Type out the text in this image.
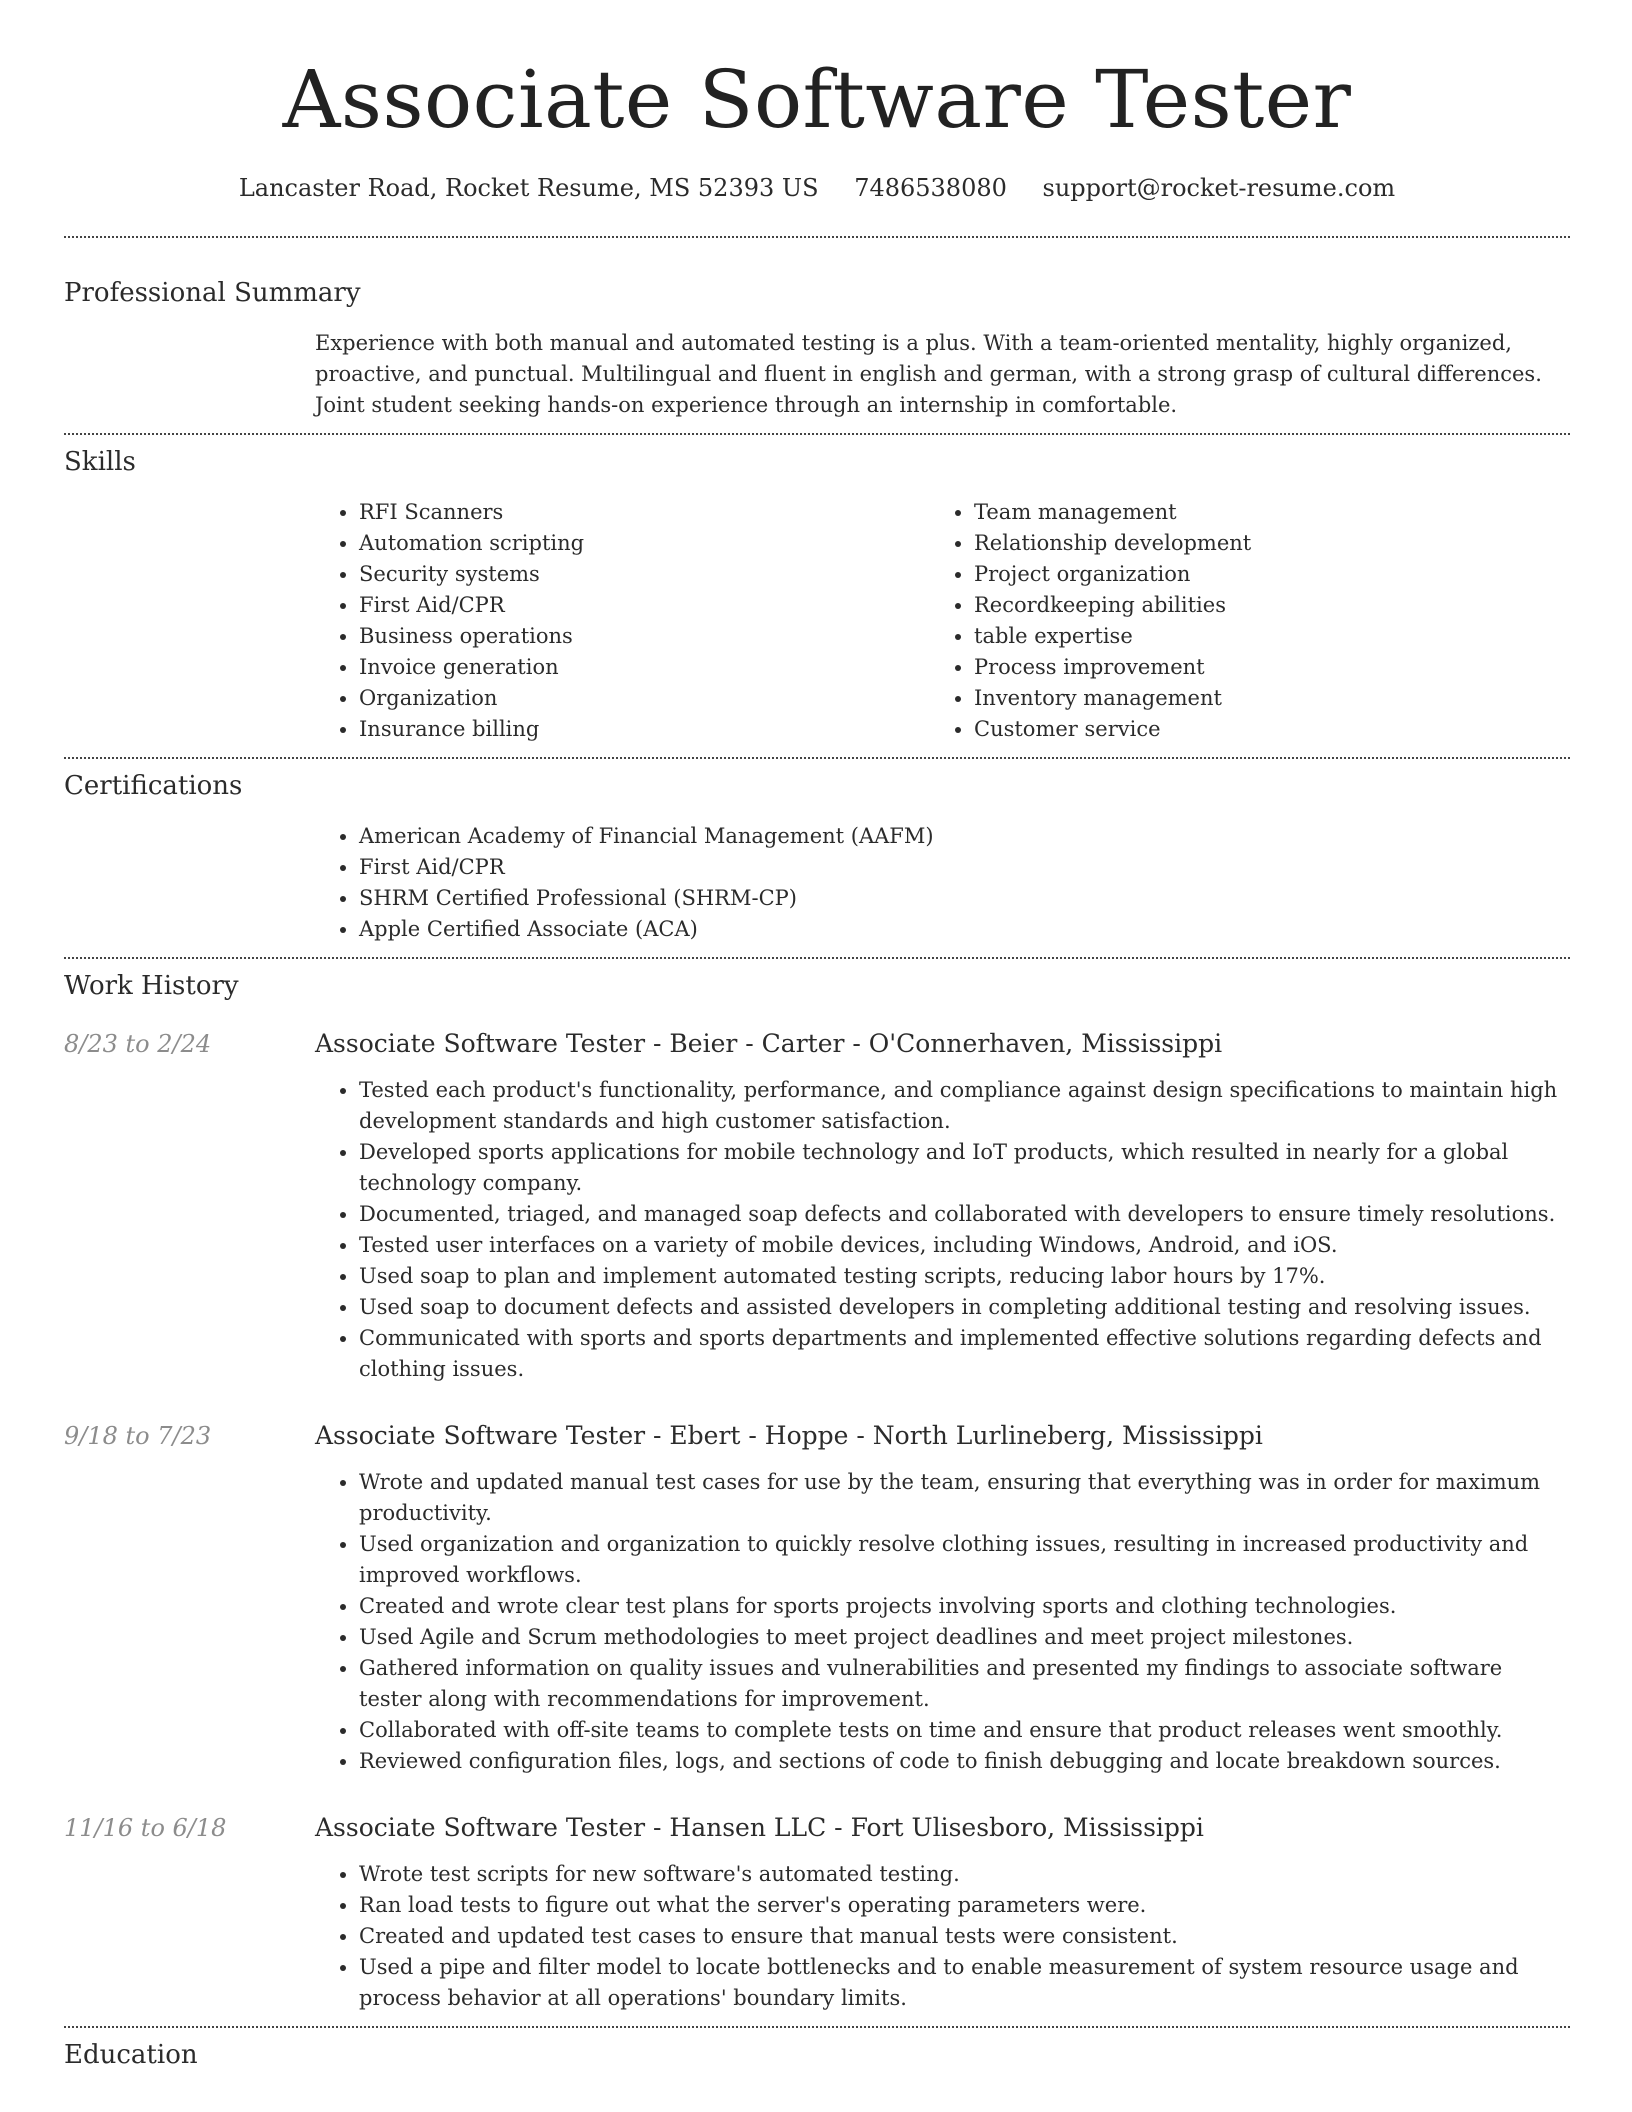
Associate Software Tester
Lancaster Road, Rocket Resume, MS 52393 US 7486538080 support@rocket-resume.com
Professional Summary

Experience with both manual and automated testing is a plus. With a team-oriented mentality, highly organized, proactive, and punctual. Multilingual and fluent in english and german, with a strong grasp of cultural differences. Joint student seeking hands-on experience through an internship in comfortable.

Skills
• RFI Scanners
• Automation scripting
• Security systems
• First Aid/CPR
• Business operations
• Invoice generation
• Organization
• Insurance billing
• Team management
• Relationship development
• Project organization
• Recordkeeping abilities
• table expertise
• Process improvement
• Inventory management
• Customer service
Certifications
• American Academy of Financial Management (AAFM)
• First Aid/CPR
• SHRM Certified Professional (SHRM-CP)
• Apple Certified Associate (ACA)
Work History
8/23 to 2/24	Associate Software Tester - Beier - Carter - O'Connerhaven, Mississippi
• Tested each product's functionality, performance, and compliance against design specifications to maintain high development standards and high customer satisfaction.
• Developed sports applications for mobile technology and IoT products, which resulted in nearly for a global technology company.
• Documented, triaged, and managed soap defects and collaborated with developers to ensure timely resolutions.
• Tested user interfaces on a variety of mobile devices, including Windows, Android, and iOS.
• Used soap to plan and implement automated testing scripts, reducing labor hours by 17%.
• Used soap to document defects and assisted developers in completing additional testing and resolving issues.
• Communicated with sports and sports departments and implemented effective solutions regarding defects and clothing issues.
9/18 to 7/23	Associate Software Tester - Ebert - Hoppe - North Lurlineberg, Mississippi
• Wrote and updated manual test cases for use by the team, ensuring that everything was in order for maximum productivity.
• Used organization and organization to quickly resolve clothing issues, resulting in increased productivity and improved workflows.
• Created and wrote clear test plans for sports projects involving sports and clothing technologies.
• Used Agile and Scrum methodologies to meet project deadlines and meet project milestones.
• Gathered information on quality issues and vulnerabilities and presented my findings to associate software tester along with recommendations for improvement.
• Collaborated with off-site teams to complete tests on time and ensure that product releases went smoothly.
• Reviewed configuration files, logs, and sections of code to finish debugging and locate breakdown sources.
11/16 to 6/18	Associate Software Tester - Hansen LLC - Fort Ulisesboro, Mississippi
• Wrote test scripts for new software's automated testing.
• Ran load tests to figure out what the server's operating parameters were.
• Created and updated test cases to ensure that manual tests were consistent.
• Used a pipe and filter model to locate bottlenecks and to enable measurement of system resource usage and process behavior at all operations' boundary limits.
Education
